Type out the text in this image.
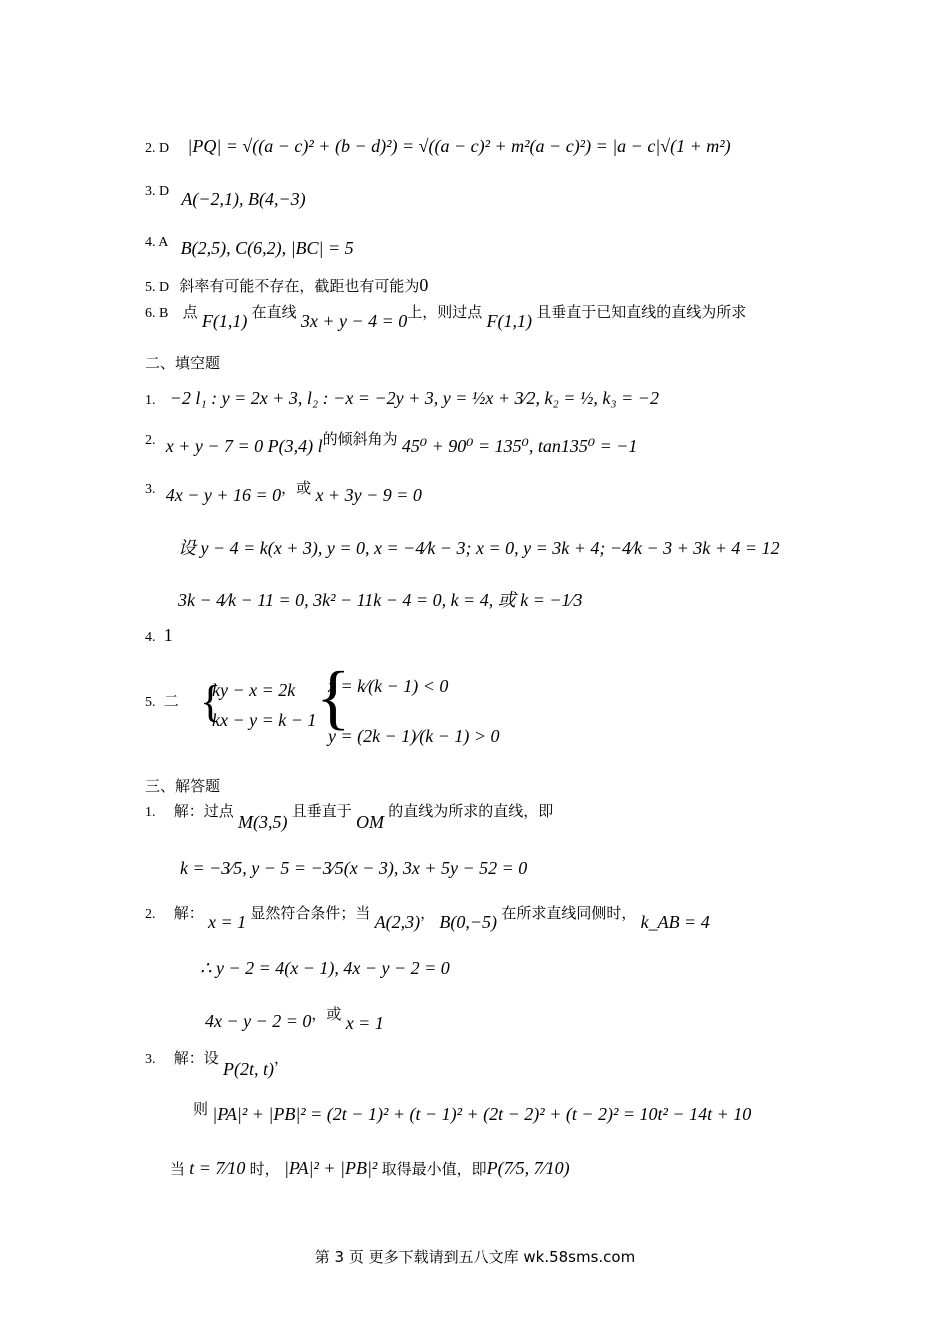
2. D |PQ| = √((a − c)² + (b − d)²) = √((a − c)² + m²(a − c)²) = |a − c|√(1 + m²)
3. D A(−2,1), B(4,−3)
4. A B(2,5), C(6,2), |BC| = 5
5. D 斜率有可能不存在，截距也有可能为0
6. B 点 F(1,1) 在直线 3x + y − 4 = 0上，则过点 F(1,1) 且垂直于已知直线的直线为所求
二、填空题
1. −2 l₁ : y = 2x + 3, l₂ : −x = −2y + 3, y = ½x + 3⁄2, k₂ = ½, k₃ = −2
2. x + y − 7 = 0 P(3,4) l的倾斜角为 45⁰ + 90⁰ = 135⁰, tan135⁰ = −1
3. 4x − y + 16 = 0，或 x + 3y − 9 = 0
设 y − 4 = k(x + 3), y = 0, x = −4⁄k − 3; x = 0, y = 3k + 4; −4⁄k − 3 + 3k + 4 = 12
3k − 4⁄k − 11 = 0, 3k² − 11k − 4 = 0, k = 4, 或 k = −1⁄3
4. 1
5. 二 {
ky − x = 2k
kx − y = k − 1 {
x = k⁄(k − 1) < 0
y = (2k − 1)⁄(k − 1) > 0
三、解答题
1. 解：过点 M(3,5) 且垂直于 OM 的直线为所求的直线，即
k = −3⁄5, y − 5 = −3⁄5(x − 3), 3x + 5y − 52 = 0
2. 解： x = 1 显然符合条件；当 A(2,3)， B(0,−5) 在所求直线同侧时， k_AB = 4
∴ y − 2 = 4(x − 1), 4x − y − 2 = 0
4x − y − 2 = 0，或 x = 1
3. 解：设 P(2t, t)，
则 |PA|² + |PB|² = (2t − 1)² + (t − 1)² + (2t − 2)² + (t − 2)² = 10t² − 14t + 10
当 t = 7⁄10 时， |PA|² + |PB|² 取得最小值，即P(7⁄5, 7⁄10)
第 3 页 更多下载请到五八文库 wk.58sms.com
